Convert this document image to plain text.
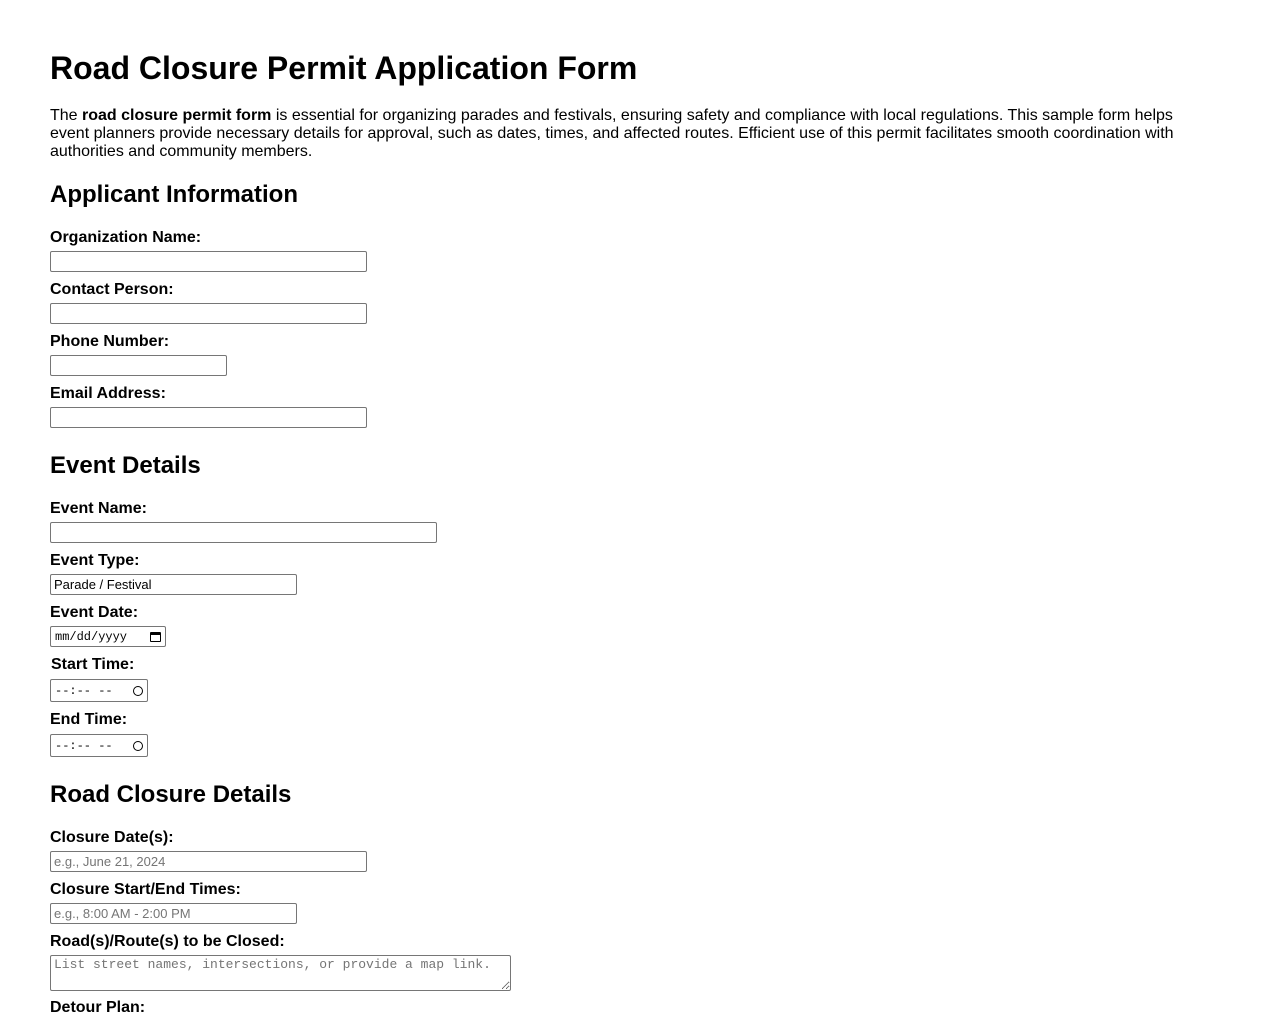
Road Closure Permit Application Form

The road closure permit form is essential for organizing parades and festivals, ensuring safety and compliance with local regulations. This sample form helps event planners provide necessary details for approval, such as dates, times, and affected routes. Efficient use of this permit facilitates smooth coordination with authorities and community members.

Applicant Information
Organization Name:
Contact Person:
Phone Number:
Email Address:
Event Details
Event Name:
Event Type:
Parade / Festival
Event Date:
mm/dd/yyyy
Start Time:
--:-- --
End Time:
--:-- --
Road Closure Details
Closure Date(s):
e.g., June 21, 2024
Closure Start/End Times:
e.g., 8:00 AM - 2:00 PM
Road(s)/Route(s) to be Closed:
List street names, intersections, or provide a map link.
Detour Plan:
